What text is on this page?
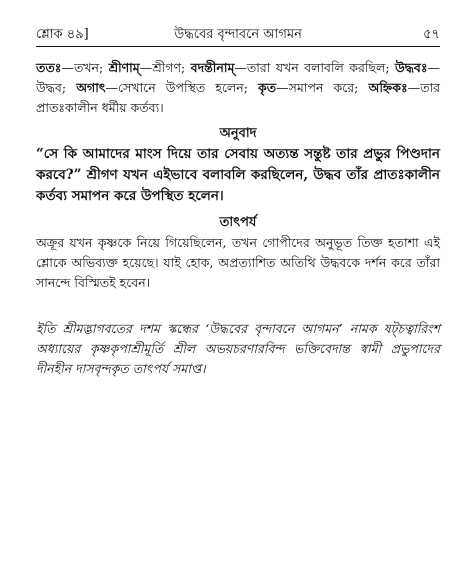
শ্লোক ৪৯]	উদ্ধবের বৃন্দাবনে আগমন	৫৭

ততঃ—তখন; শ্রীণাম্—শ্রীগণ; বদন্তীনাম্—তারা যখন বলাবলি করছিল; উদ্ধবঃ—উদ্ধব; অগাৎ—সেখানে উপস্থিত হলেন; কৃত—সমাপন করে; অহ্নিকঃ—তার প্রাতঃকালীন ধর্মীয় কর্তব্য।

অনুবাদ

“সে কি আমাদের মাংস দিয়ে তার সেবায় অত্যন্ত সন্তুষ্ট তার প্রভুর পিণ্ডদান করবে?” শ্রীগণ যখন এইভাবে বলাবলি করছিলেন, উদ্ধব তাঁর প্রাতঃকালীন কর্তব্য সমাপন করে উপস্থিত হলেন।

তাৎপর্য

অক্রূর যখন কৃষ্ণকে নিয়ে গিয়েছিলেন, তখন গোপীদের অনুভূত তিক্ত হতাশা এই শ্লোকে অভিব্যক্ত হয়েছে। যাই হোক, অপ্রত্যাশিত অতিথি উদ্ধবকে দর্শন করে তাঁরা সানন্দে বিস্মিতই হবেন।

ইতি শ্রীমদ্ভাগবতের দশম স্কন্ধের ‘উদ্ধবের বৃন্দাবনে আগমন’ নামক ষট্চত্বারিংশ অধ্যায়ের কৃষ্ণকৃপাশ্রীমূর্তি শ্রীল অভয়চরণারবিন্দ ভক্তিবেদান্ত স্বামী প্রভুপাদের দীনহীন দাসবৃন্দকৃত তাৎপর্য সমাপ্ত।
